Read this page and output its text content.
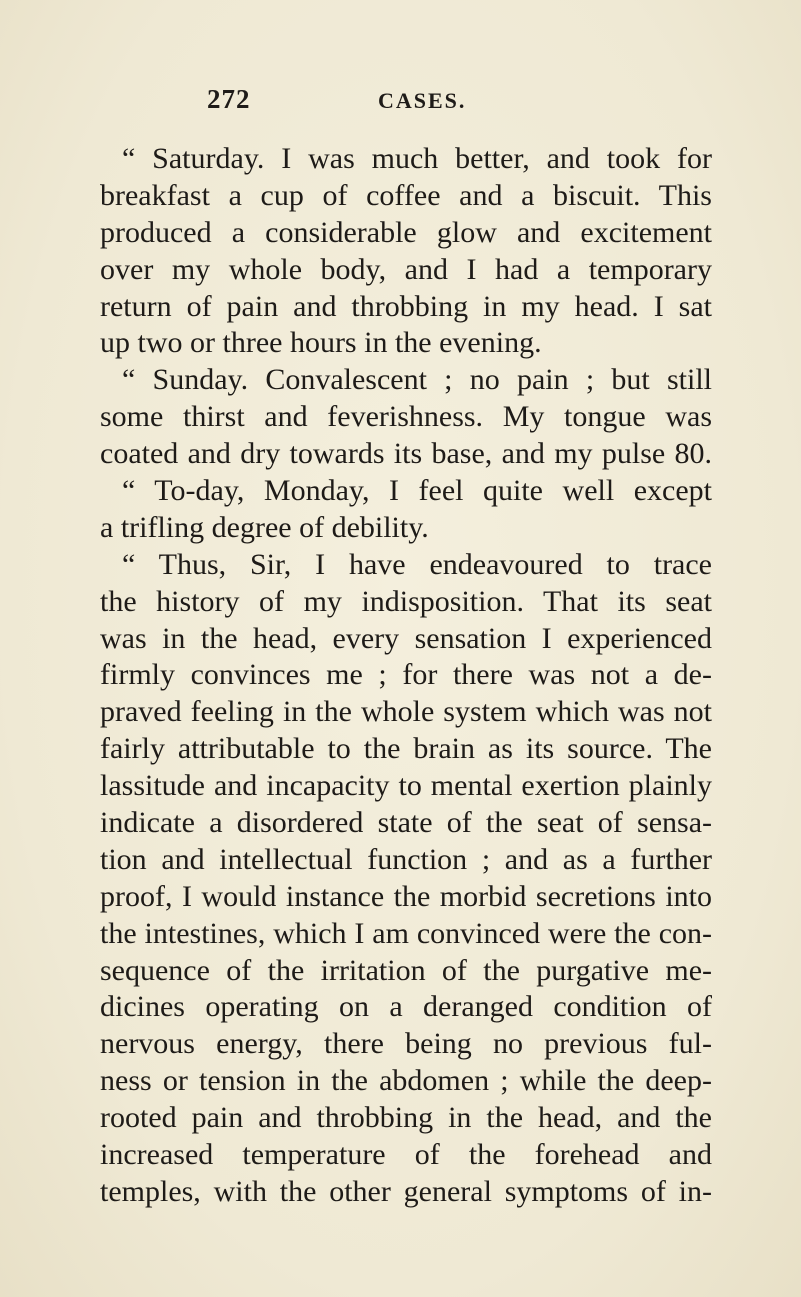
272	CASES.
“ Saturday. I was much better, and took for
breakfast a cup of coffee and a biscuit. This
produced a considerable glow and excitement
over my whole body, and I had a temporary
return of pain and throbbing in my head. I sat
up two or three hours in the evening.
“ Sunday. Convalescent ; no pain ; but still
some thirst and feverishness. My tongue was
coated and dry towards its base, and my pulse 80.
“ To-day, Monday, I feel quite well except
a trifling degree of debility.
“ Thus, Sir, I have endeavoured to trace
the history of my indisposition. That its seat
was in the head, every sensation I experienced
firmly convinces me ; for there was not a de-
praved feeling in the whole system which was not
fairly attributable to the brain as its source. The
lassitude and incapacity to mental exertion plainly
indicate a disordered state of the seat of sensa-
tion and intellectual function ; and as a further
proof, I would instance the morbid secretions into
the intestines, which I am convinced were the con-
sequence of the irritation of the purgative me-
dicines operating on a deranged condition of
nervous energy, there being no previous ful-
ness or tension in the abdomen ; while the deep-
rooted pain and throbbing in the head, and the
increased temperature of the forehead and
temples, with the other general symptoms of in-
